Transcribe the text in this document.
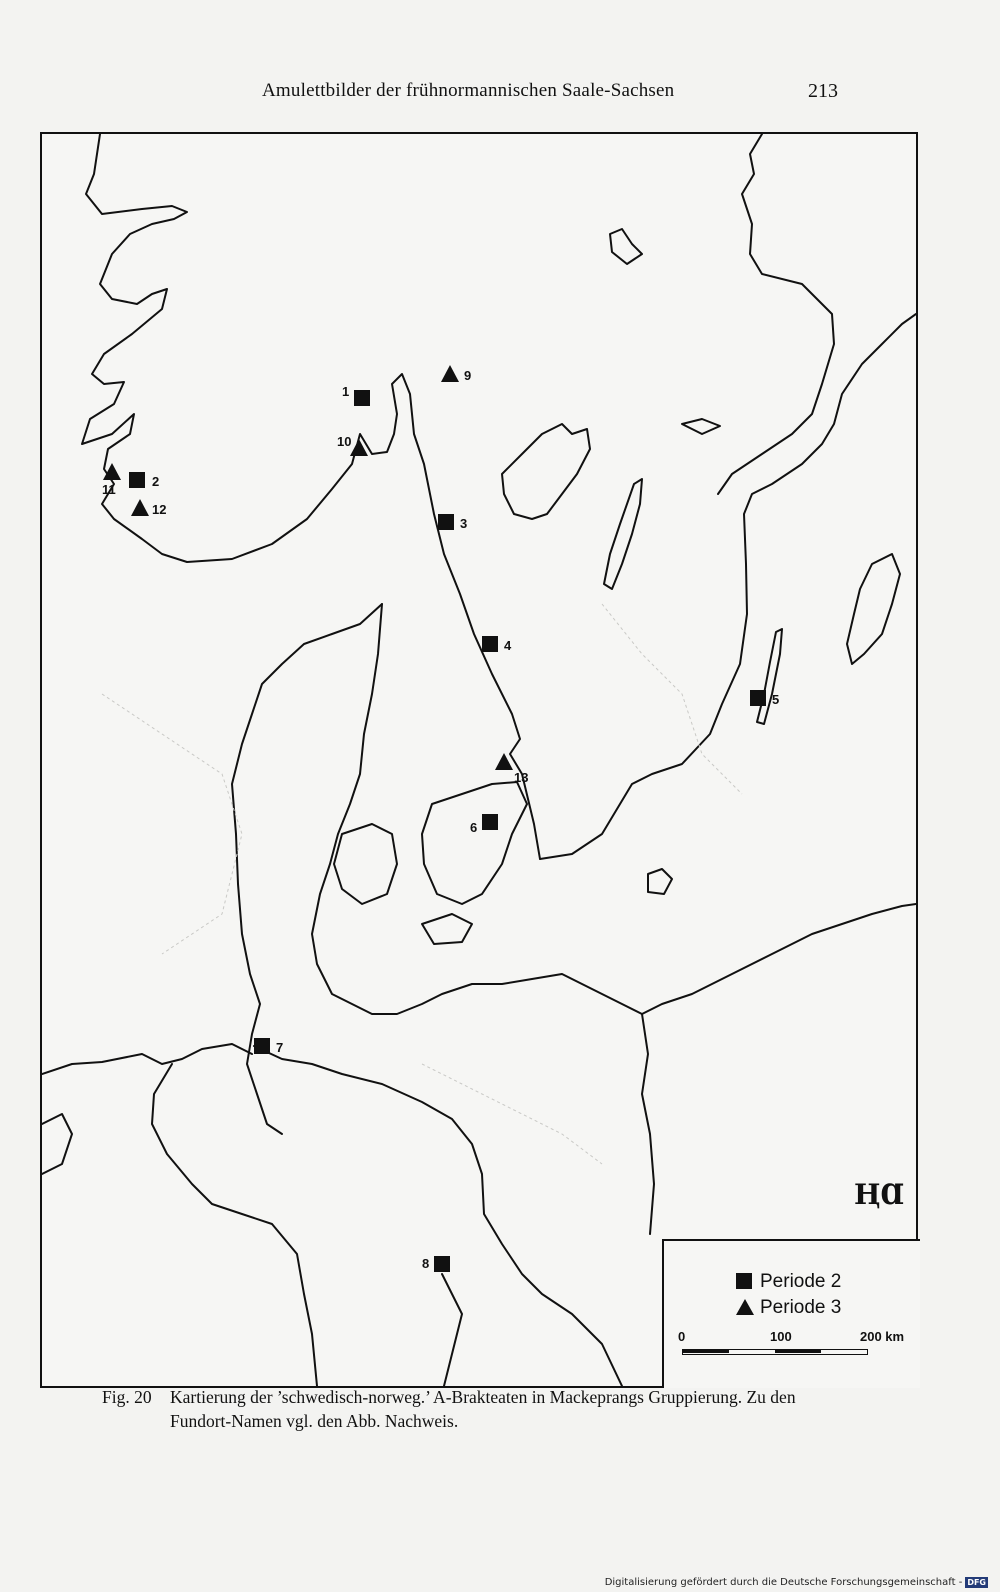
Amulettbilder der frühnormannischen Saale-Sachsen	213
1
2
3
4
5
6
7
8
9
10
11
12
13
ⱧⱭ
Periode 2
Periode 3
0	100	200 km
Fig. 20 Kartierung der ’schwedisch-norweg.’ A-Brakteaten in Mackeprangs Gruppierung. Zu den
Fundort-Namen vgl. den Abb. Nachweis.
Digitalisierung gefördert durch die Deutsche Forschungsgemeinschaft - DFG
